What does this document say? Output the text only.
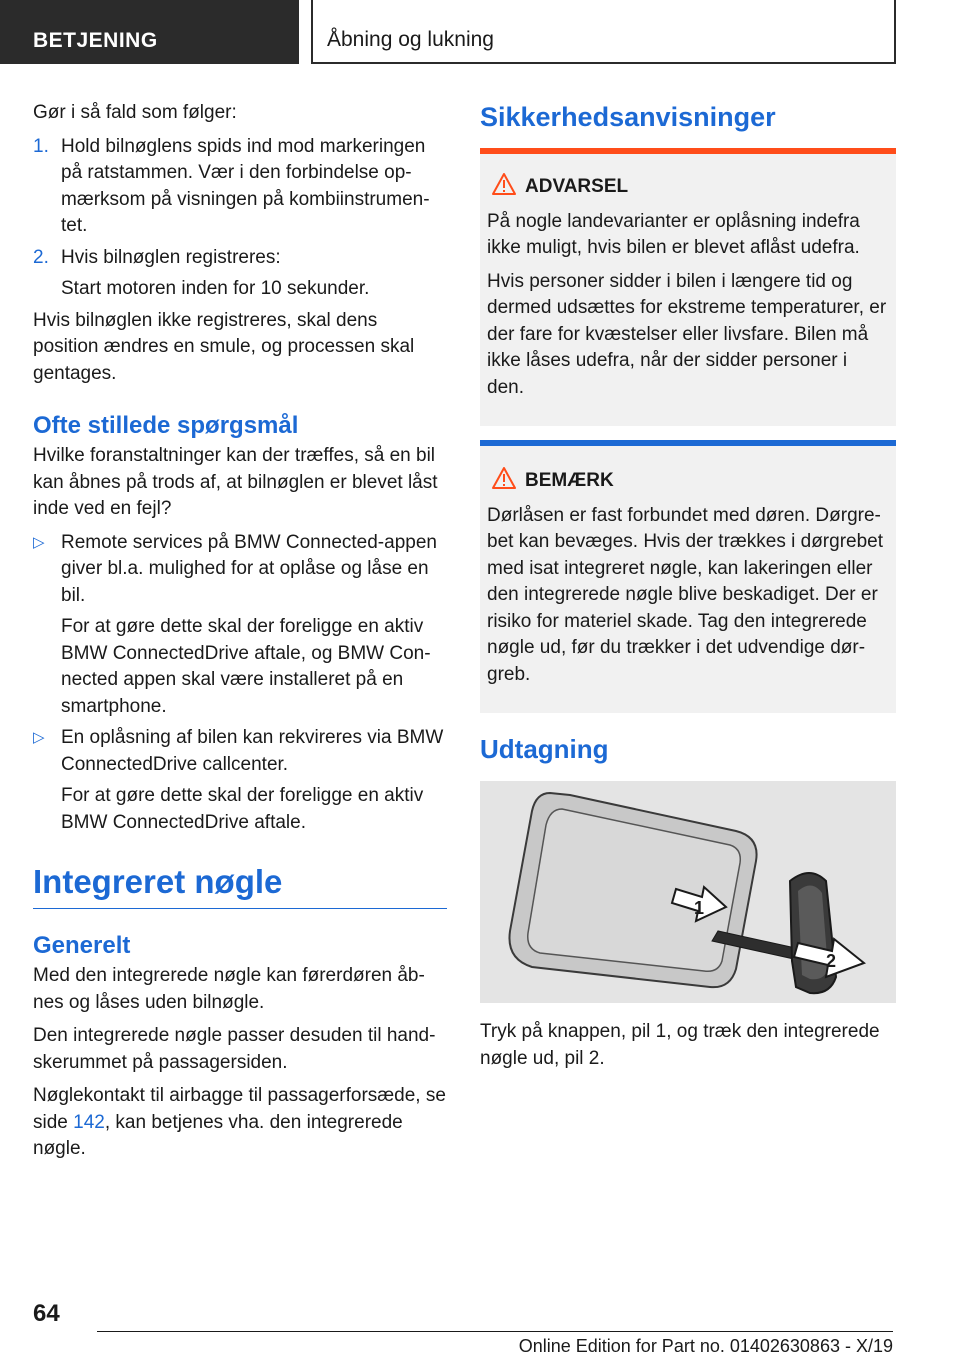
BETJENING	Åbning og lukning

Gør i så fald som følger:

1. Hold bilnøglens spids ind mod markeringen på ratstammen. Vær i den forbindelse opmærksom på visningen på kombiinstrumentet.
2. Hvis bilnøglen registreres:
Start motoren inden for 10 sekunder.

Hvis bilnøglen ikke registreres, skal dens position ændres en smule, og processen skal gentages.

Ofte stillede spørgsmål

Hvilke foranstaltninger kan der træffes, så en bil kan åbnes på trods af, at bilnøglen er blevet låst inde ved en fejl?

▷ Remote services på BMW Connected-appen giver bl.a. mulighed for at oplåse og låse en bil.
For at gøre dette skal der foreligge en aktiv BMW ConnectedDrive aftale, og BMW Connected appen skal være installeret på en smartphone.
▷ En oplåsning af bilen kan rekvireres via BMW ConnectedDrive callcenter.
For at gøre dette skal der foreligge en aktiv BMW ConnectedDrive aftale.
Integreret nøgle
Generelt

Med den integrerede nøgle kan førerdøren åbnes og låses uden bilnøgle.

Den integrerede nøgle passer desuden til handskerummet på passagersiden.

Nøglekontakt til airbagge til passagerforsæde, se side 142, kan betjenes vha. den integrerede nøgle.

Sikkerhedsanvisninger
ADVARSEL

På nogle landevarianter er oplåsning indefra ikke muligt, hvis bilen er blevet aflåst udefra.

Hvis personer sidder i bilen i længere tid og dermed udsættes for ekstreme temperaturer, er der fare for kvæstelser eller livsfare. Bilen må ikke låses udefra, når der sidder personer i den.

BEMÆRK

Dørlåsen er fast forbundet med døren. Dørgrebet kan bevæges. Hvis der trækkes i dørgrebet med isat integreret nøgle, kan lakeringen eller den integrerede nøgle blive beskadiget. Der er risiko for materiel skade. Tag den integrerede nøgle ud, før du trækker i det udvendige dørgreb.

Udtagning
1
2

Tryk på knappen, pil 1, og træk den integrerede nøgle ud, pil 2.

64
Online Edition for Part no. 01402630863 - X/19
